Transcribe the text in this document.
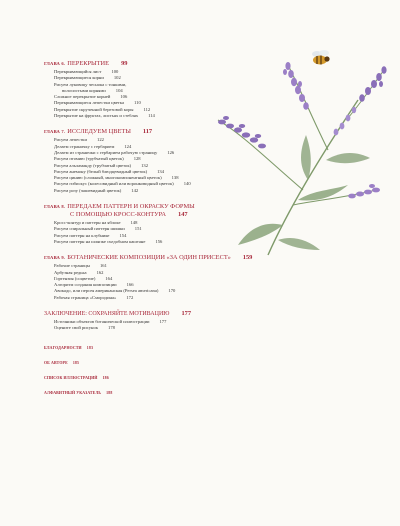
ГЛАВА 6. ПЕРЕКРЫТИЕ 99
Перекрывающийся лист 100
Перекрывающиеся корни 102
Рисуем луковицу чеснока с тонкими,
волосистыми корнями 104
Сложное перекрытие корней 106
Перекрывающиеся лепестки цветка 110
Перекрытие скрученной березовой коры 112
Перекрытие на фруктах, листьях и стеблях 114
ГЛАВА 7. ИССЛЕДУЕМ ЦВЕТЫ 117
Рисуем лепестки 122
Делаем страничку с гербарием 124
Делаем из странички с гербарием рабочую страницу 126
Рисуем птомию (трубчатый цветок) 128
Рисуем альламанду (трубчатый цветок) 132
Рисуем анемону (белый блюдцевидный цветок) 134
Рисуем цинию (сложный, многокомпонентный цветок) 138
Рисуем гибискус (колесовидный или воронковидный цветок) 140
Рисуем розу (чашевидный цветок) 142
ГЛАВА 8. ПЕРЕДАЕМ ПАТТЕРН И ОКРАСКУ ФОРМЫ
С ПОМОЩЬЮ КРОСС-КОНТУРА 147
Кросс-контур и паттерн на яблоке 148
Рисуем спиральный паттерн шишки 151
Рисуем паттерн на клубнике 154
Рисуем паттерн на шляпке съедобном каштане 156
ГЛАВА 9. БОТАНИЧЕСКИЕ КОМПОЗИЦИИ «ЗА ОДИН ПРИСЕСТ» 159
Рабочие страницы 161
Арбузная редька 162
Гортензия (соцветие) 164
Алгоритм создания композиции 166
Авокадо, или персея американская (Persea americana) 170
Рабочая страница «Смородина» 172
ЗАКЛЮЧЕНИЕ: СОХРАНЯЙТЕ МОТИВАЦИЮ 177
Источники объектов ботанической иллюстрации 177
Оцените свой рисунок 178
БЛАГОДАРНОСТИ 183
ОБ АВТОРЕ 185
СПИСОК ИЛЛЮСТРАЦИЙ 186
АЛФАВИТНЫЙ УКАЗАТЕЛЬ 188
